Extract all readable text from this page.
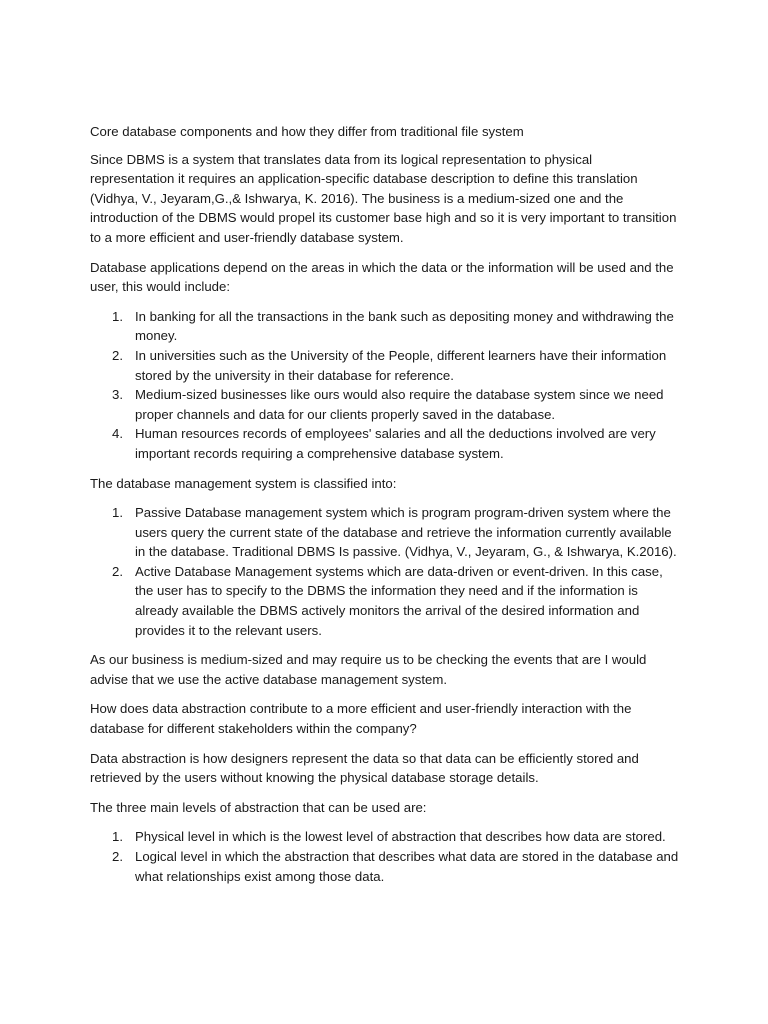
Core database components and how they differ from traditional file system

Since DBMS is a system that translates data from its logical representation to physical representation it requires an application-specific database description to define this translation (Vidhya, V., Jeyaram,G.,& Ishwarya, K. 2016). The business is a medium-sized one and the introduction of the DBMS would propel its customer base high and so it is very important to transition to a more efficient and user-friendly database system.

Database applications depend on the areas in which the data or the information will be used and the user, this would include:

1. In banking for all the transactions in the bank such as depositing money and withdrawing the money.
2. In universities such as the University of the People, different learners have their information stored by the university in their database for reference.
3. Medium-sized businesses like ours would also require the database system since we need proper channels and data for our clients properly saved in the database.
4. Human resources records of employees' salaries and all the deductions involved are very important records requiring a comprehensive database system.

The database management system is classified into:

1. Passive Database management system which is program program-driven system where the users query the current state of the database and retrieve the information currently available in the database. Traditional DBMS Is passive. (Vidhya, V., Jeyaram, G., & Ishwarya, K.2016).
2. Active Database Management systems which are data-driven or event-driven. In this case, the user has to specify to the DBMS the information they need and if the information is already available the DBMS actively monitors the arrival of the desired information and provides it to the relevant users.

As our business is medium-sized and may require us to be checking the events that are I would advise that we use the active database management system.

How does data abstraction contribute to a more efficient and user-friendly interaction with the database for different stakeholders within the company?

Data abstraction is how designers represent the data so that data can be efficiently stored and retrieved by the users without knowing the physical database storage details.

The three main levels of abstraction that can be used are:

1. Physical level in which is the lowest level of abstraction that describes how data are stored.
2. Logical level in which the abstraction that describes what data are stored in the database and what relationships exist among those data.
